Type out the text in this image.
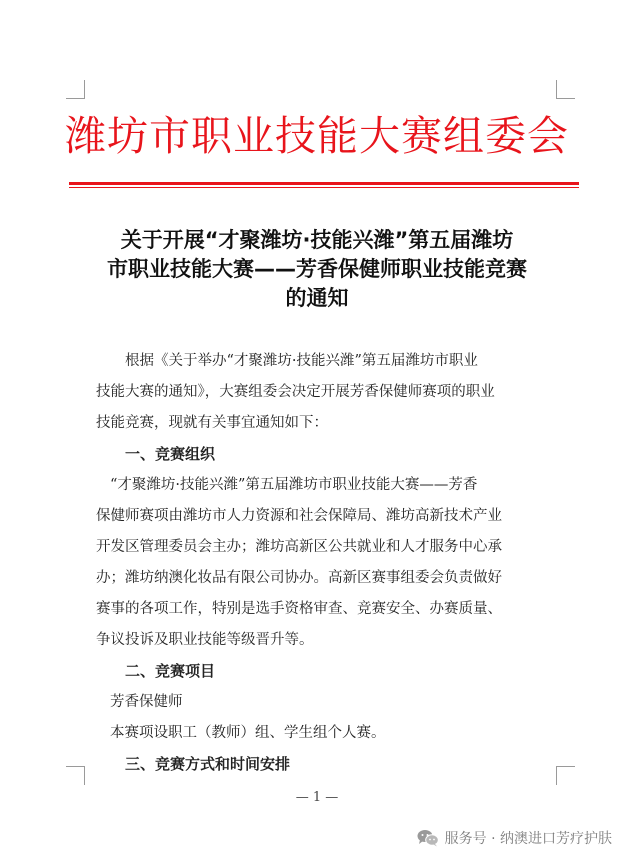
潍坊市职业技能大赛组委会
关于开展“才聚潍坊·技能兴潍”第五届潍坊
市职业技能大赛——芳香保健师职业技能竞赛
的通知

根据《关于举办“才聚潍坊·技能兴潍”第五届潍坊市职业

技能大赛的通知》，大赛组委会决定开展芳香保健师赛项的职业

技能竞赛，现就有关事宜通知如下：

一、竞赛组织

“才聚潍坊·技能兴潍”第五届潍坊市职业技能大赛——芳香

保健师赛项由潍坊市人力资源和社会保障局、潍坊高新技术产业

开发区管理委员会主办；潍坊高新区公共就业和人才服务中心承

办；潍坊纳澳化妆品有限公司协办。高新区赛事组委会负责做好

赛事的各项工作，特别是选手资格审查、竞赛安全、办赛质量、

争议投诉及职业技能等级晋升等。

二、竞赛项目

芳香保健师

本赛项设职工（教师）组、学生组个人赛。

三、竞赛方式和时间安排

— 1 —
服务号 · 纳澳进口芳疗护肤
